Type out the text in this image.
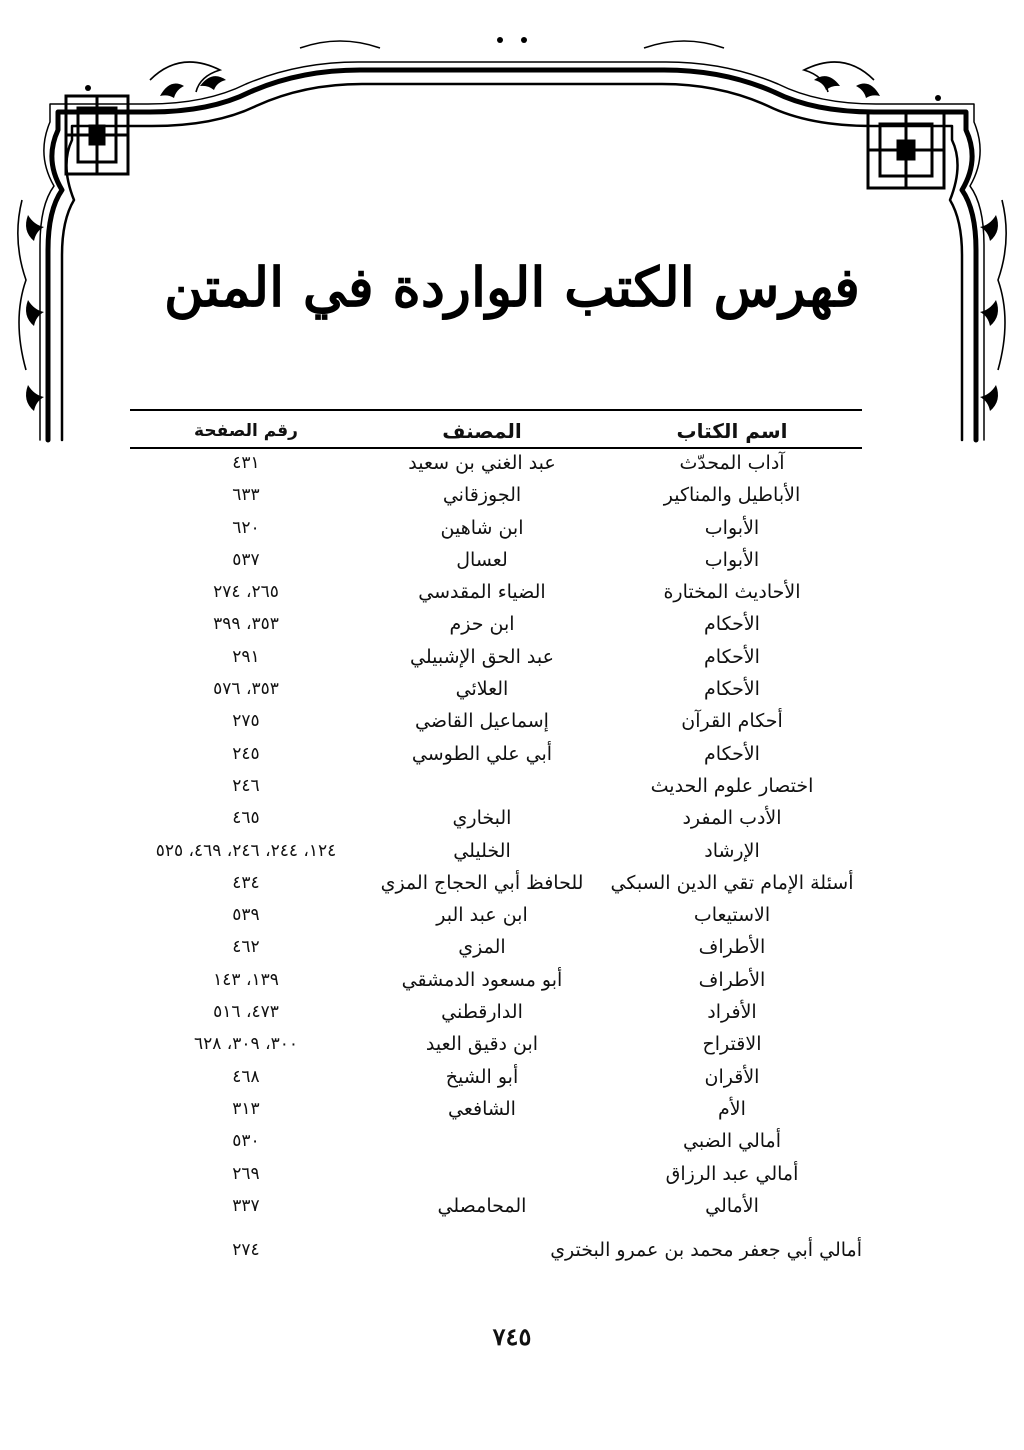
فهرس الكتب الواردة في المتن
اسم الكتاب
المصنف
رقم الصفحة
آداب المحدّث
عبد الغني بن سعيد
٤٣١
الأباطيل والمناكير
الجوزقاني
٦٣٣
الأبواب
ابن شاهين
٦٢٠
الأبواب
لعسال
٥٣٧
الأحاديث المختارة
الضياء المقدسي
٢٦٥، ٢٧٤
الأحكام
ابن حزم
٣٥٣، ٣٩٩
الأحكام
عبد الحق الإشبيلي
٢٩١
الأحكام
العلائي
٣٥٣، ٥٧٦
أحكام القرآن
إسماعيل القاضي
٢٧٥
الأحكام
أبي علي الطوسي
٢٤٥
اختصار علوم الحديث
٢٤٦
الأدب المفرد
البخاري
٤٦٥
الإرشاد
الخليلي
١٢٤، ٢٤٤، ٢٤٦، ٤٦٩، ٥٢٥
أسئلة الإمام تقي الدين السبكي
للحافظ أبي الحجاج المزي
٤٣٤
الاستيعاب
ابن عبد البر
٥٣٩
الأطراف
المزي
٤٦٢
الأطراف
أبو مسعود الدمشقي
١٣٩، ١٤٣
الأفراد
الدارقطني
٤٧٣، ٥١٦
الاقتراح
ابن دقيق العيد
٣٠٠، ٣٠٩، ٦٢٨
الأقران
أبو الشيخ
٤٦٨
الأم
الشافعي
٣١٣
أمالي الضبي
٥٣٠
أمالي عبد الرزاق
٢٦٩
الأمالي
المحامصلي
٣٣٧
أمالي أبي جعفر محمد بن عمرو البختري
٢٧٤
٧٤٥
